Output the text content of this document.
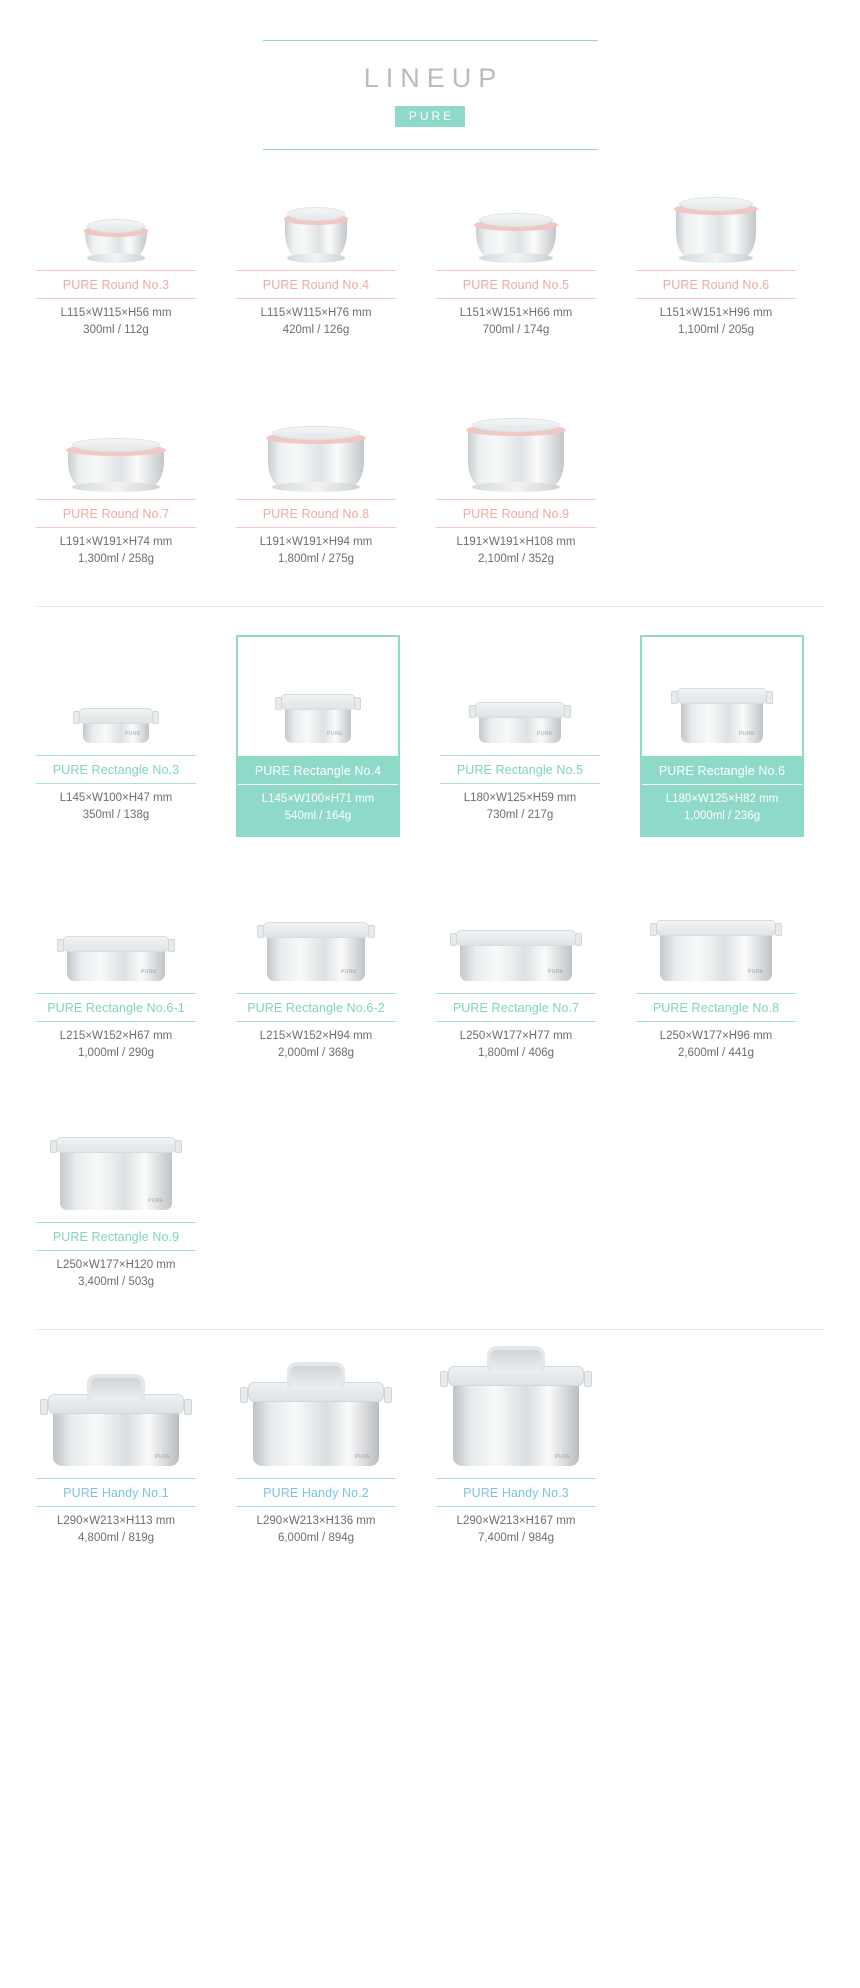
LINEUP
PURE
PURE Round No.3
L115×W115×H56 mm
300ml / 112g
PURE Round No.4
L115×W115×H76 mm
420ml / 126g
PURE Round No.5
L151×W151×H66 mm
700ml / 174g
PURE Round No.6
L151×W151×H96 mm
1,100ml / 205g
PURE Round No.7
L191×W191×H74 mm
1,300ml / 258g
PURE Round No.8
L191×W191×H94 mm
1,800ml / 275g
PURE Round No.9
L191×W191×H108 mm
2,100ml / 352g
PURE
PURE Rectangle No.3
L145×W100×H47 mm
350ml / 138g
PURE
PURE Rectangle No.4
L145×W100×H71 mm
540ml / 164g
PURE
PURE Rectangle No.5
L180×W125×H59 mm
730ml / 217g
PURE
PURE Rectangle No.6
L180×W125×H82 mm
1,000ml / 236g
PURE
PURE Rectangle No.6-1
L215×W152×H67 mm
1,000ml / 290g
PURE
PURE Rectangle No.6-2
L215×W152×H94 mm
2,000ml / 368g
PURE
PURE Rectangle No.7
L250×W177×H77 mm
1,800ml / 406g
PURE
PURE Rectangle No.8
L250×W177×H96 mm
2,600ml / 441g
PURE
PURE Rectangle No.9
L250×W177×H120 mm
3,400ml / 503g
PURE
PURE Handy No.1
L290×W213×H113 mm
4,800ml / 819g
PURE
PURE Handy No.2
L290×W213×H136 mm
6,000ml / 894g
PURE
PURE Handy No.3
L290×W213×H167 mm
7,400ml / 984g
